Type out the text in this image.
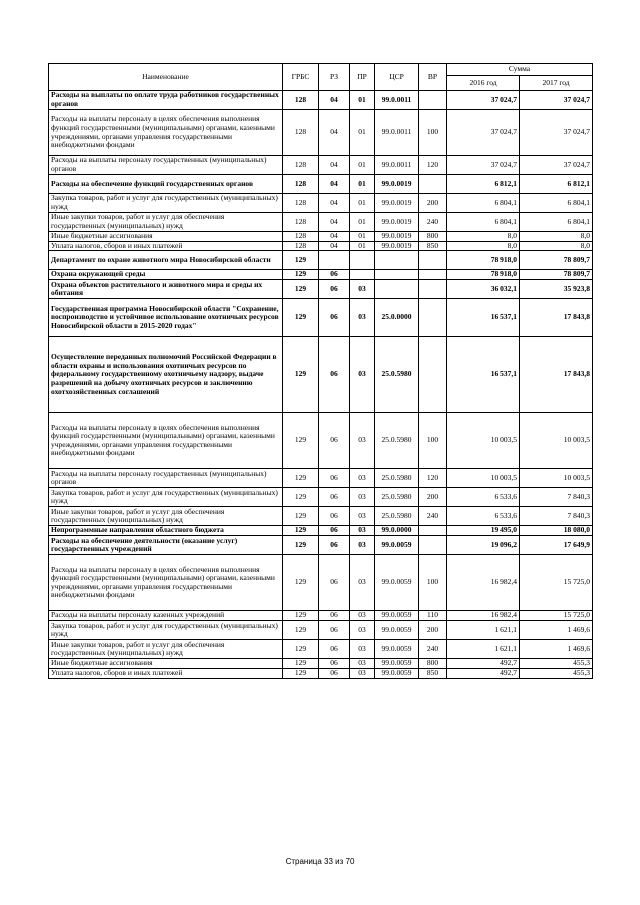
Наименование	ГРБС	РЗ	ПР	ЦСР	ВР	Сумма	
						2016 год	2017 год
Расходы на выплаты по оплате труда работников государственных органов	128	04	01	99.0.0011		37 024,7	37 024,7
Расходы на выплаты персоналу в целях обеспечения выполнения функций государственными (муниципальными) органами, казенными учреждениями, органами управления государственными внебюджетными фондами	128	04	01	99.0.0011	100	37 024,7	37 024,7
Расходы на выплаты персоналу государственных (муниципальных) органов	128	04	01	99.0.0011	120	37 024,7	37 024,7
Расходы на обеспечение функций государственных органов	128	04	01	99.0.0019		6 812,1	6 812,1
Закупка товаров, работ и услуг для государственных (муниципальных) нужд	128	04	01	99.0.0019	200	6 804,1	6 804,1
Иные закупки товаров, работ и услуг для обеспечения государственных (муниципальных) нужд	128	04	01	99.0.0019	240	6 804,1	6 804,1
Иные бюджетные ассигнования	128	04	01	99.0.0019	800	8,0	8,0
Уплата налогов, сборов и иных платежей	128	04	01	99.0.0019	850	8,0	8,0
Департамент по охране животного мира Новосибирской области	129					78 918,0	78 809,7
Охрана окружающей среды	129	06				78 918,0	78 809,7
Охрана объектов растительного и животного мира и среды их обитания	129	06	03			36 032,1	35 923,8
Государственная программа Новосибирской области "Сохранение, воспроизводство и устойчивое использование охотничьих ресурсов Новосибирской области в 2015-2020 годах"	129	06	03	25.0.0000		16 537,1	17 843,8
Осуществление переданных полномочий Российской Федерации в области охраны и использования охотничьих ресурсов по федеральному государственному охотничьему надзору, выдаче разрешений на добычу охотничьих ресурсов и заключению охотхозяйственных соглашений	129	06	03	25.0.5980		16 537,1	17 843,8
Расходы на выплаты персоналу в целях обеспечения выполнения функций государственными (муниципальными) органами, казенными учреждениями, органами управления государственными внебюджетными фондами	129	06	03	25.0.5980	100	10 003,5	10 003,5
Расходы на выплаты персоналу государственных (муниципальных) органов	129	06	03	25.0.5980	120	10 003,5	10 003,5
Закупка товаров, работ и услуг для государственных (муниципальных) нужд	129	06	03	25.0.5980	200	6 533,6	7 840,3
Иные закупки товаров, работ и услуг для обеспечения государственных (муниципальных) нужд	129	06	03	25.0.5980	240	6 533,6	7 840,3
Непрограммные направления областного бюджета	129	06	03	99.0.0000		19 495,0	18 080,0
Расходы на обеспечение деятельности (оказание услуг) государственных учреждений	129	06	03	99.0.0059		19 096,2	17 649,9
Расходы на выплаты персоналу в целях обеспечения выполнения функций государственными (муниципальными) органами, казенными учреждениями, органами управления государственными внебюджетными фондами	129	06	03	99.0.0059	100	16 982,4	15 725,0
Расходы на выплаты персоналу казенных учреждений	129	06	03	99.0.0059	110	16 982,4	15 725,0
Закупка товаров, работ и услуг для государственных (муниципальных) нужд	129	06	03	99.0.0059	200	1 621,1	1 469,6
Иные закупки товаров, работ и услуг для обеспечения государственных (муниципальных) нужд	129	06	03	99.0.0059	240	1 621,1	1 469,6
Иные бюджетные ассигнования	129	06	03	99.0.0059	800	492,7	455,3
Уплата налогов, сборов и иных платежей	129	06	03	99.0.0059	850	492,7	455,3
Страница 33 из 70
